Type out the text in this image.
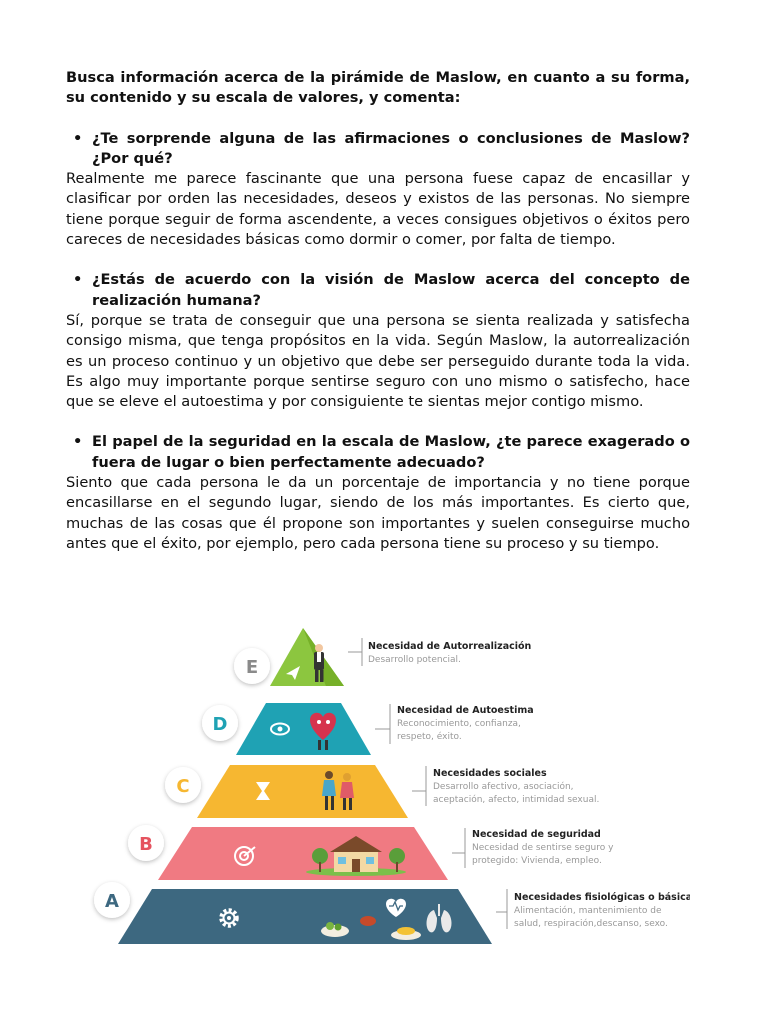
Busca información acerca de la pirámide de Maslow, en cuanto a su forma, su contenido y su escala de valores, y comenta:

• ¿Te sorprende alguna de las afirmaciones o conclusiones de Maslow? ¿Por qué?

Realmente me parece fascinante que una persona fuese capaz de encasillar y clasificar por orden las necesidades, deseos y existos de las personas. No siempre tiene porque seguir de forma ascendente, a veces consigues objetivos o éxitos pero careces de necesidades básicas como dormir o comer, por falta de tiempo.

• ¿Estás de acuerdo con la visión de Maslow acerca del concepto de realización humana?

Sí, porque se trata de conseguir que una persona se sienta realizada y satisfecha consigo misma, que tenga propósitos en la vida. Según Maslow, la autorrealización es un proceso continuo y un objetivo que debe ser perseguido durante toda la vida. Es algo muy importante porque sentirse seguro con uno mismo o satisfecho, hace que se eleve el autoestima y por consiguiente te sientas mejor contigo mismo.

• El papel de la seguridad en la escala de Maslow, ¿te parece exagerado o fuera de lugar o bien perfectamente adecuado?

Siento que cada persona le da un porcentaje de importancia y no tiene porque encasillarse en el segundo lugar, siendo de los más importantes. Es cierto que, muchas de las cosas que él propone son importantes y suelen conseguirse mucho antes que el éxito, por ejemplo, pero cada persona tiene su proceso y su tiempo.

E
Necesidad de Autorrealización
Desarrollo potencial.
D
Necesidad de Autoestima
Reconocimiento, confianza,
respeto, éxito.
C
Necesidades sociales
Desarrollo afectivo, asociación,
aceptación, afecto, intimidad sexual.
B	Necesidad de seguridad
Necesidad de sentirse seguro y
protegido: Vivienda, empleo.
A	Necesidades fisiológicas o básicas
Alimentación, mantenimiento de
salud, respiración,descanso, sexo.
